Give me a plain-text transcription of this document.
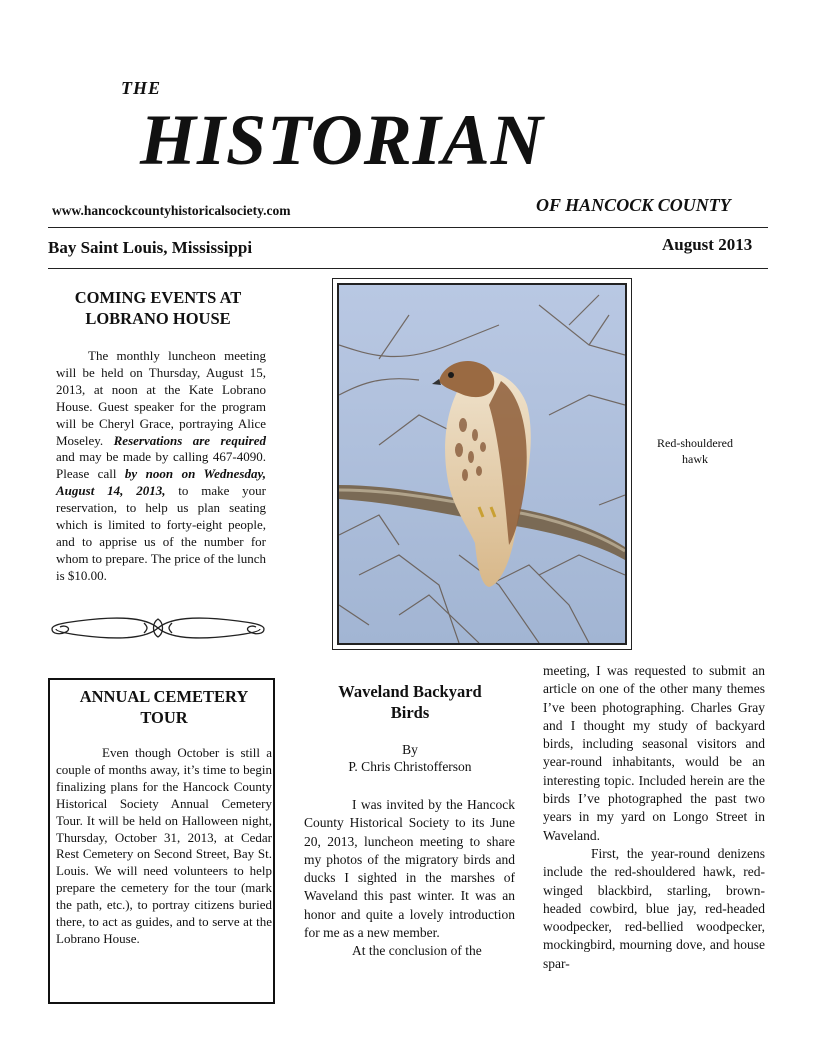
THE
HISTORIAN
www.hancockcountyhistoricalsociety.com	OF HANCOCK COUNTY
Bay Saint Louis, Mississippi	August 2013
COMING EVENTS AT
LOBRANO HOUSE

The monthly luncheon meeting will be held on Thursday, August 15, 2013, at noon at the Kate Lobrano House. Guest speaker for the program will be Cheryl Grace, portraying Alice Moseley. Reservations are required and may be made by calling 467-4090. Please call by noon on Wednesday, August 14, 2013, to make your reservation, to help us plan seating which is limited to forty-eight people, and to apprise us of the number for whom to prepare. The price of the lunch is $10.00.

Red-shouldered
hawk
ANNUAL CEMETERY
TOUR

Even though October is still a couple of months away, it’s time to begin finalizing plans for the Hancock County Historical Society Annual Cemetery Tour. It will be held on Halloween night, Thursday, October 31, 2013, at Cedar Rest Cemetery on Second Street, Bay St. Louis. We will need volunteers to help prepare the cemetery for the tour (mark the path, etc.), to portray citizens buried there, to act as guides, and to serve at the Lobrano House.

Waveland Backyard
Birds
By
P. Chris Christofferson

I was invited by the Hancock County Historical Society to its June 20, 2013, luncheon meeting to share my photos of the migratory birds and ducks I sighted in the marshes of Waveland this past winter. It was an honor and quite a lovely introduction for me as a new member.

At the conclusion of the

meeting, I was requested to submit an article on one of the other many themes I’ve been photographing. Charles Gray and I thought my study of backyard birds, including seasonal visitors and year-round inhabitants, would be an interesting topic. Included herein are the birds I’ve photographed the past two years in my yard on Longo Street in Waveland.

First, the year-round denizens include the red-shouldered hawk, red-winged blackbird, starling, brown-headed cowbird, blue jay, red-headed woodpecker, red-bellied woodpecker, mockingbird, mourning dove, and house spar-
